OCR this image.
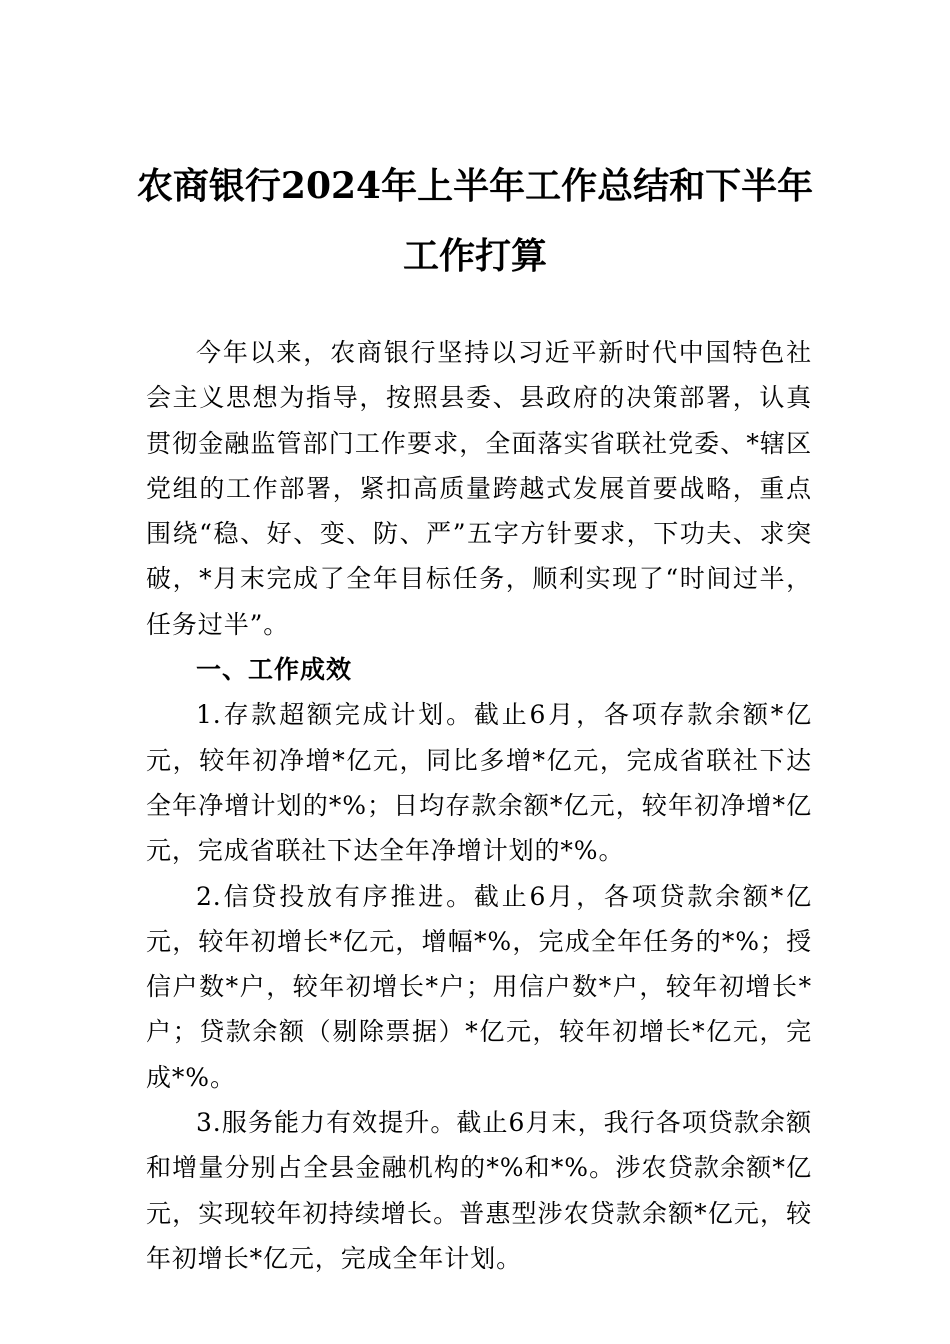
农商银行2024年上半年工作总结和下半年
工作打算

今年以来，农商银行坚持以习近平新时代中国特色社会主义思想为指导，按照县委、县政府的决策部署，认真贯彻金融监管部门工作要求，全面落实省联社党委、*辖区党组的工作部署，紧扣高质量跨越式发展首要战略，重点围绕“稳、好、变、防、严”五字方针要求，下功夫、求突破，*月末完成了全年目标任务，顺利实现了“时间过半，任务过半”。

一、工作成效

1.存款超额完成计划。截止6月，各项存款余额*亿元，较年初净增*亿元，同比多增*亿元，完成省联社下达全年净增计划的*%；日均存款余额*亿元，较年初净增*亿元，完成省联社下达全年净增计划的*%。

2.信贷投放有序推进。截止6月，各项贷款余额*亿元，较年初增长*亿元，增幅*%，完成全年任务的*%；授信户数*户，较年初增长*户；用信户数*户，较年初增长*户；贷款余额（剔除票据）*亿元，较年初增长*亿元，完成*%。

3.服务能力有效提升。截止6月末，我行各项贷款余额和增量分别占全县金融机构的*%和*%。涉农贷款余额*亿元，实现较年初持续增长。普惠型涉农贷款余额*亿元，较年初增长*亿元，完成全年计划。
